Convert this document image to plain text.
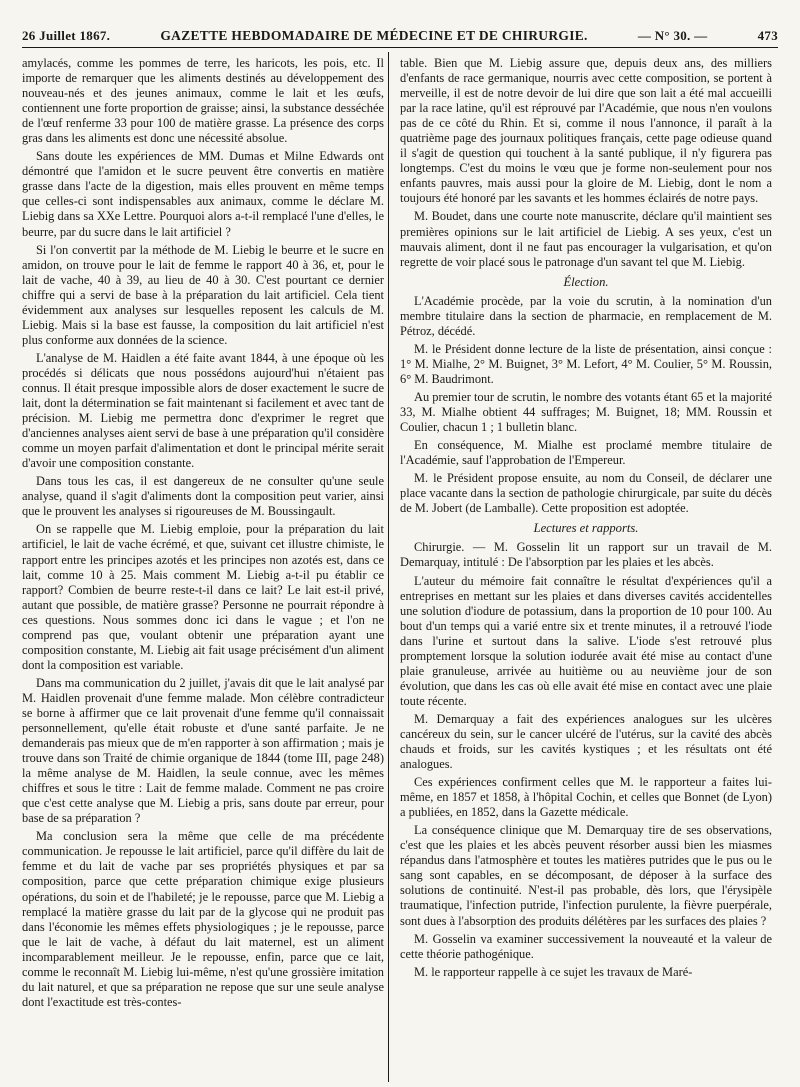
26 Juillet 1867.	GAZETTE HEBDOMADAIRE DE MÉDECINE ET DE CHIRURGIE.	— N° 30. —	473

amylacés, comme les pommes de terre, les haricots, les pois, etc. Il importe de remarquer que les aliments destinés au développement des nouveau-nés et des jeunes animaux, comme le lait et les œufs, contiennent une forte proportion de graisse; ainsi, la substance desséchée de l'œuf renferme 33 pour 100 de matière grasse. La présence des corps gras dans les aliments est donc une nécessité absolue.

Sans doute les expériences de MM. Dumas et Milne Edwards ont démontré que l'amidon et le sucre peuvent être convertis en matière grasse dans l'acte de la digestion, mais elles prouvent en même temps que celles-ci sont indispensables aux animaux, comme le déclare M. Liebig dans sa XXe Lettre. Pourquoi alors a-t-il remplacé l'une d'elles, le beurre, par du sucre dans le lait artificiel ?

Si l'on convertit par la méthode de M. Liebig le beurre et le sucre en amidon, on trouve pour le lait de femme le rapport 40 à 36, et, pour le lait de vache, 40 à 39, au lieu de 40 à 30. C'est pourtant ce dernier chiffre qui a servi de base à la préparation du lait artificiel. Cela tient évidemment aux analyses sur lesquelles reposent les calculs de M. Liebig. Mais si la base est fausse, la composition du lait artificiel n'est plus conforme aux données de la science.

L'analyse de M. Haidlen a été faite avant 1844, à une époque où les procédés si délicats que nous possédons aujourd'hui n'étaient pas connus. Il était presque impossible alors de doser exactement le sucre de lait, dont la détermination se fait maintenant si facilement et avec tant de précision. M. Liebig me permettra donc d'exprimer le regret que d'anciennes analyses aient servi de base à une préparation qu'il considère comme un moyen parfait d'alimentation et dont le principal mérite serait d'avoir une composition constante.

Dans tous les cas, il est dangereux de ne consulter qu'une seule analyse, quand il s'agit d'aliments dont la composition peut varier, ainsi que le prouvent les analyses si rigoureuses de M. Boussingault.

On se rappelle que M. Liebig emploie, pour la préparation du lait artificiel, le lait de vache écrémé, et que, suivant cet illustre chimiste, le rapport entre les principes azotés et les principes non azotés est, dans ce lait, comme 10 à 25. Mais comment M. Liebig a-t-il pu établir ce rapport? Combien de beurre reste-t-il dans ce lait? Le lait est-il privé, autant que possible, de matière grasse? Personne ne pourrait répondre à ces questions. Nous sommes donc ici dans le vague ; et l'on ne comprend pas que, voulant obtenir une préparation ayant une composition constante, M. Liebig ait fait usage précisément d'un aliment dont la composition est variable.

Dans ma communication du 2 juillet, j'avais dit que le lait analysé par M. Haidlen provenait d'une femme malade. Mon célèbre contradicteur se borne à affirmer que ce lait provenait d'une femme qu'il connaissait personnellement, qu'elle était robuste et d'une santé parfaite. Je ne demanderais pas mieux que de m'en rapporter à son affirmation ; mais je trouve dans son Traité de chimie organique de 1844 (tome III, page 248) la même analyse de M. Haidlen, la seule connue, avec les mêmes chiffres et sous le titre : Lait de femme malade. Comment ne pas croire que c'est cette analyse que M. Liebig a pris, sans doute par erreur, pour base de sa préparation ?

Ma conclusion sera la même que celle de ma précédente communication. Je repousse le lait artificiel, parce qu'il diffère du lait de femme et du lait de vache par ses propriétés physiques et par sa composition, parce que cette préparation chimique exige plusieurs opérations, du soin et de l'habileté; je le repousse, parce que M. Liebig a remplacé la matière grasse du lait par de la glycose qui ne produit pas dans l'économie les mêmes effets physiologiques ; je le repousse, parce que le lait de vache, à défaut du lait maternel, est un aliment incomparablement meilleur. Je le repousse, enfin, parce que ce lait, comme le reconnaît M. Liebig lui-même, n'est qu'une grossière imitation du lait naturel, et que sa préparation ne repose que sur une seule analyse dont l'exactitude est très-contes-

table. Bien que M. Liebig assure que, depuis deux ans, des milliers d'enfants de race germanique, nourris avec cette composition, se portent à merveille, il est de notre devoir de lui dire que son lait a été mal accueilli par la race latine, qu'il est réprouvé par l'Académie, que nous n'en voulons pas de ce côté du Rhin. Et si, comme il nous l'annonce, il paraît à la quatrième page des journaux politiques français, cette page odieuse quand il s'agit de question qui touchent à la santé publique, il n'y figurera pas longtemps. C'est du moins le vœu que je forme non-seulement pour nos enfants pauvres, mais aussi pour la gloire de M. Liebig, dont le nom a toujours été honoré par les savants et les hommes éclairés de notre pays.

M. Boudet, dans une courte note manuscrite, déclare qu'il maintient ses premières opinions sur le lait artificiel de Liebig. A ses yeux, c'est un mauvais aliment, dont il ne faut pas encourager la vulgarisation, et qu'on regrette de voir placé sous le patronage d'un savant tel que M. Liebig.

Élection.

L'Académie procède, par la voie du scrutin, à la nomination d'un membre titulaire dans la section de pharmacie, en remplacement de M. Pétroz, décédé.

M. le Président donne lecture de la liste de présentation, ainsi conçue : 1° M. Mialhe, 2° M. Buignet, 3° M. Lefort, 4° M. Coulier, 5° M. Roussin, 6° M. Baudrimont.

Au premier tour de scrutin, le nombre des votants étant 65 et la majorité 33, M. Mialhe obtient 44 suffrages; M. Buignet, 18; MM. Roussin et Coulier, chacun 1 ; 1 bulletin blanc.

En conséquence, M. Mialhe est proclamé membre titulaire de l'Académie, sauf l'approbation de l'Empereur.

M. le Président propose ensuite, au nom du Conseil, de déclarer une place vacante dans la section de pathologie chirurgicale, par suite du décès de M. Jobert (de Lamballe). Cette proposition est adoptée.

Lectures et rapports.

Chirurgie. — M. Gosselin lit un rapport sur un travail de M. Demarquay, intitulé : De l'absorption par les plaies et les abcès.

L'auteur du mémoire fait connaître le résultat d'expériences qu'il a entreprises en mettant sur les plaies et dans diverses cavités accidentelles une solution d'iodure de potassium, dans la proportion de 10 pour 100. Au bout d'un temps qui a varié entre six et trente minutes, il a retrouvé l'iode dans l'urine et surtout dans la salive. L'iode s'est retrouvé plus promptement lorsque la solution iodurée avait été mise au contact d'une plaie granuleuse, arrivée au huitième ou au neuvième jour de son évolution, que dans les cas où elle avait été mise en contact avec une plaie toute récente.

M. Demarquay a fait des expériences analogues sur les ulcères cancéreux du sein, sur le cancer ulcéré de l'utérus, sur la cavité des abcès chauds et froids, sur les cavités kystiques ; et les résultats ont été analogues.

Ces expériences confirment celles que M. le rapporteur a faites lui-même, en 1857 et 1858, à l'hôpital Cochin, et celles que Bonnet (de Lyon) a publiées, en 1852, dans la Gazette médicale.

La conséquence clinique que M. Demarquay tire de ses observations, c'est que les plaies et les abcès peuvent résorber aussi bien les miasmes répandus dans l'atmosphère et toutes les matières putrides que le pus ou le sang sont capables, en se décomposant, de déposer à la surface des solutions de continuité. N'est-il pas probable, dès lors, que l'érysipèle traumatique, l'infection putride, l'infection purulente, la fièvre puerpérale, sont dues à l'absorption des produits délétères par les surfaces des plaies ?

M. Gosselin va examiner successivement la nouveauté et la valeur de cette théorie pathogénique.

M. le rapporteur rappelle à ce sujet les travaux de Maré-
